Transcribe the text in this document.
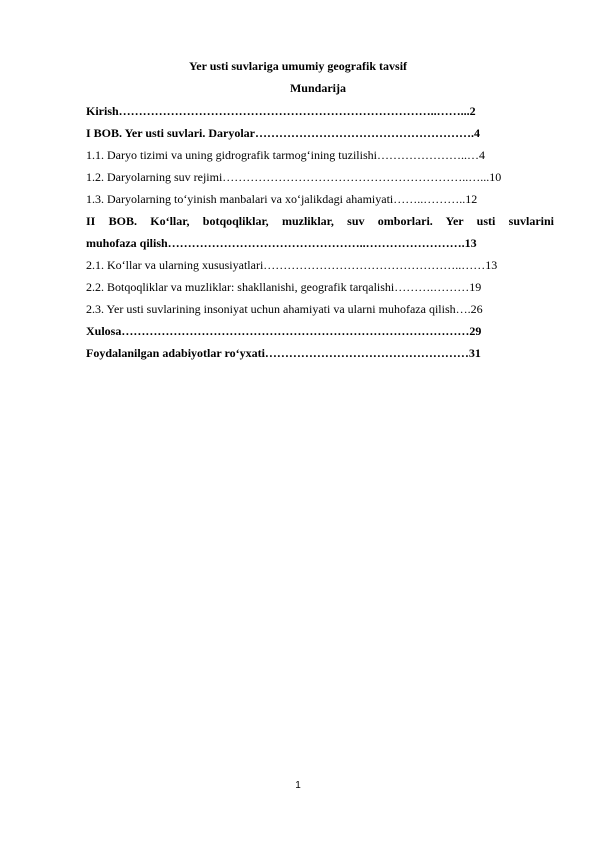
Yer usti suvlariga umumiy geografik tavsif
Mundarija
Kirish……………………………………………………………………..……...2
I BOB. Yer usti suvlari. Daryolar……………………………………………….4
1.1. Daryo tizimi va uning gidrografik tarmog‘ining tuzilishi…………………..…4
1.2. Daryolarning suv rejimi……………………………………………………..…...10
1.3. Daryolarning to‘yinish manbalari va xo‘jalikdagi ahamiyati……..………..12
II BOB. Ko‘llar, botqoqliklar, muzliklar, suv omborlari. Yer usti suvlarini
muhofaza qilish…………………………………………..…………………….13
2.1. Ko‘llar va ularning xususiyatlari…………………………………………..……13
2.2. Botqoqliklar va muzliklar: shakllanishi, geografik tarqalishi……….………19
2.3. Yer usti suvlarining insoniyat uchun ahamiyati va ularni muhofaza qilish….26
Xulosa……………………………………………………………………………29
Foydalanilgan adabiyotlar ro‘yxati……………………………………………31
1
